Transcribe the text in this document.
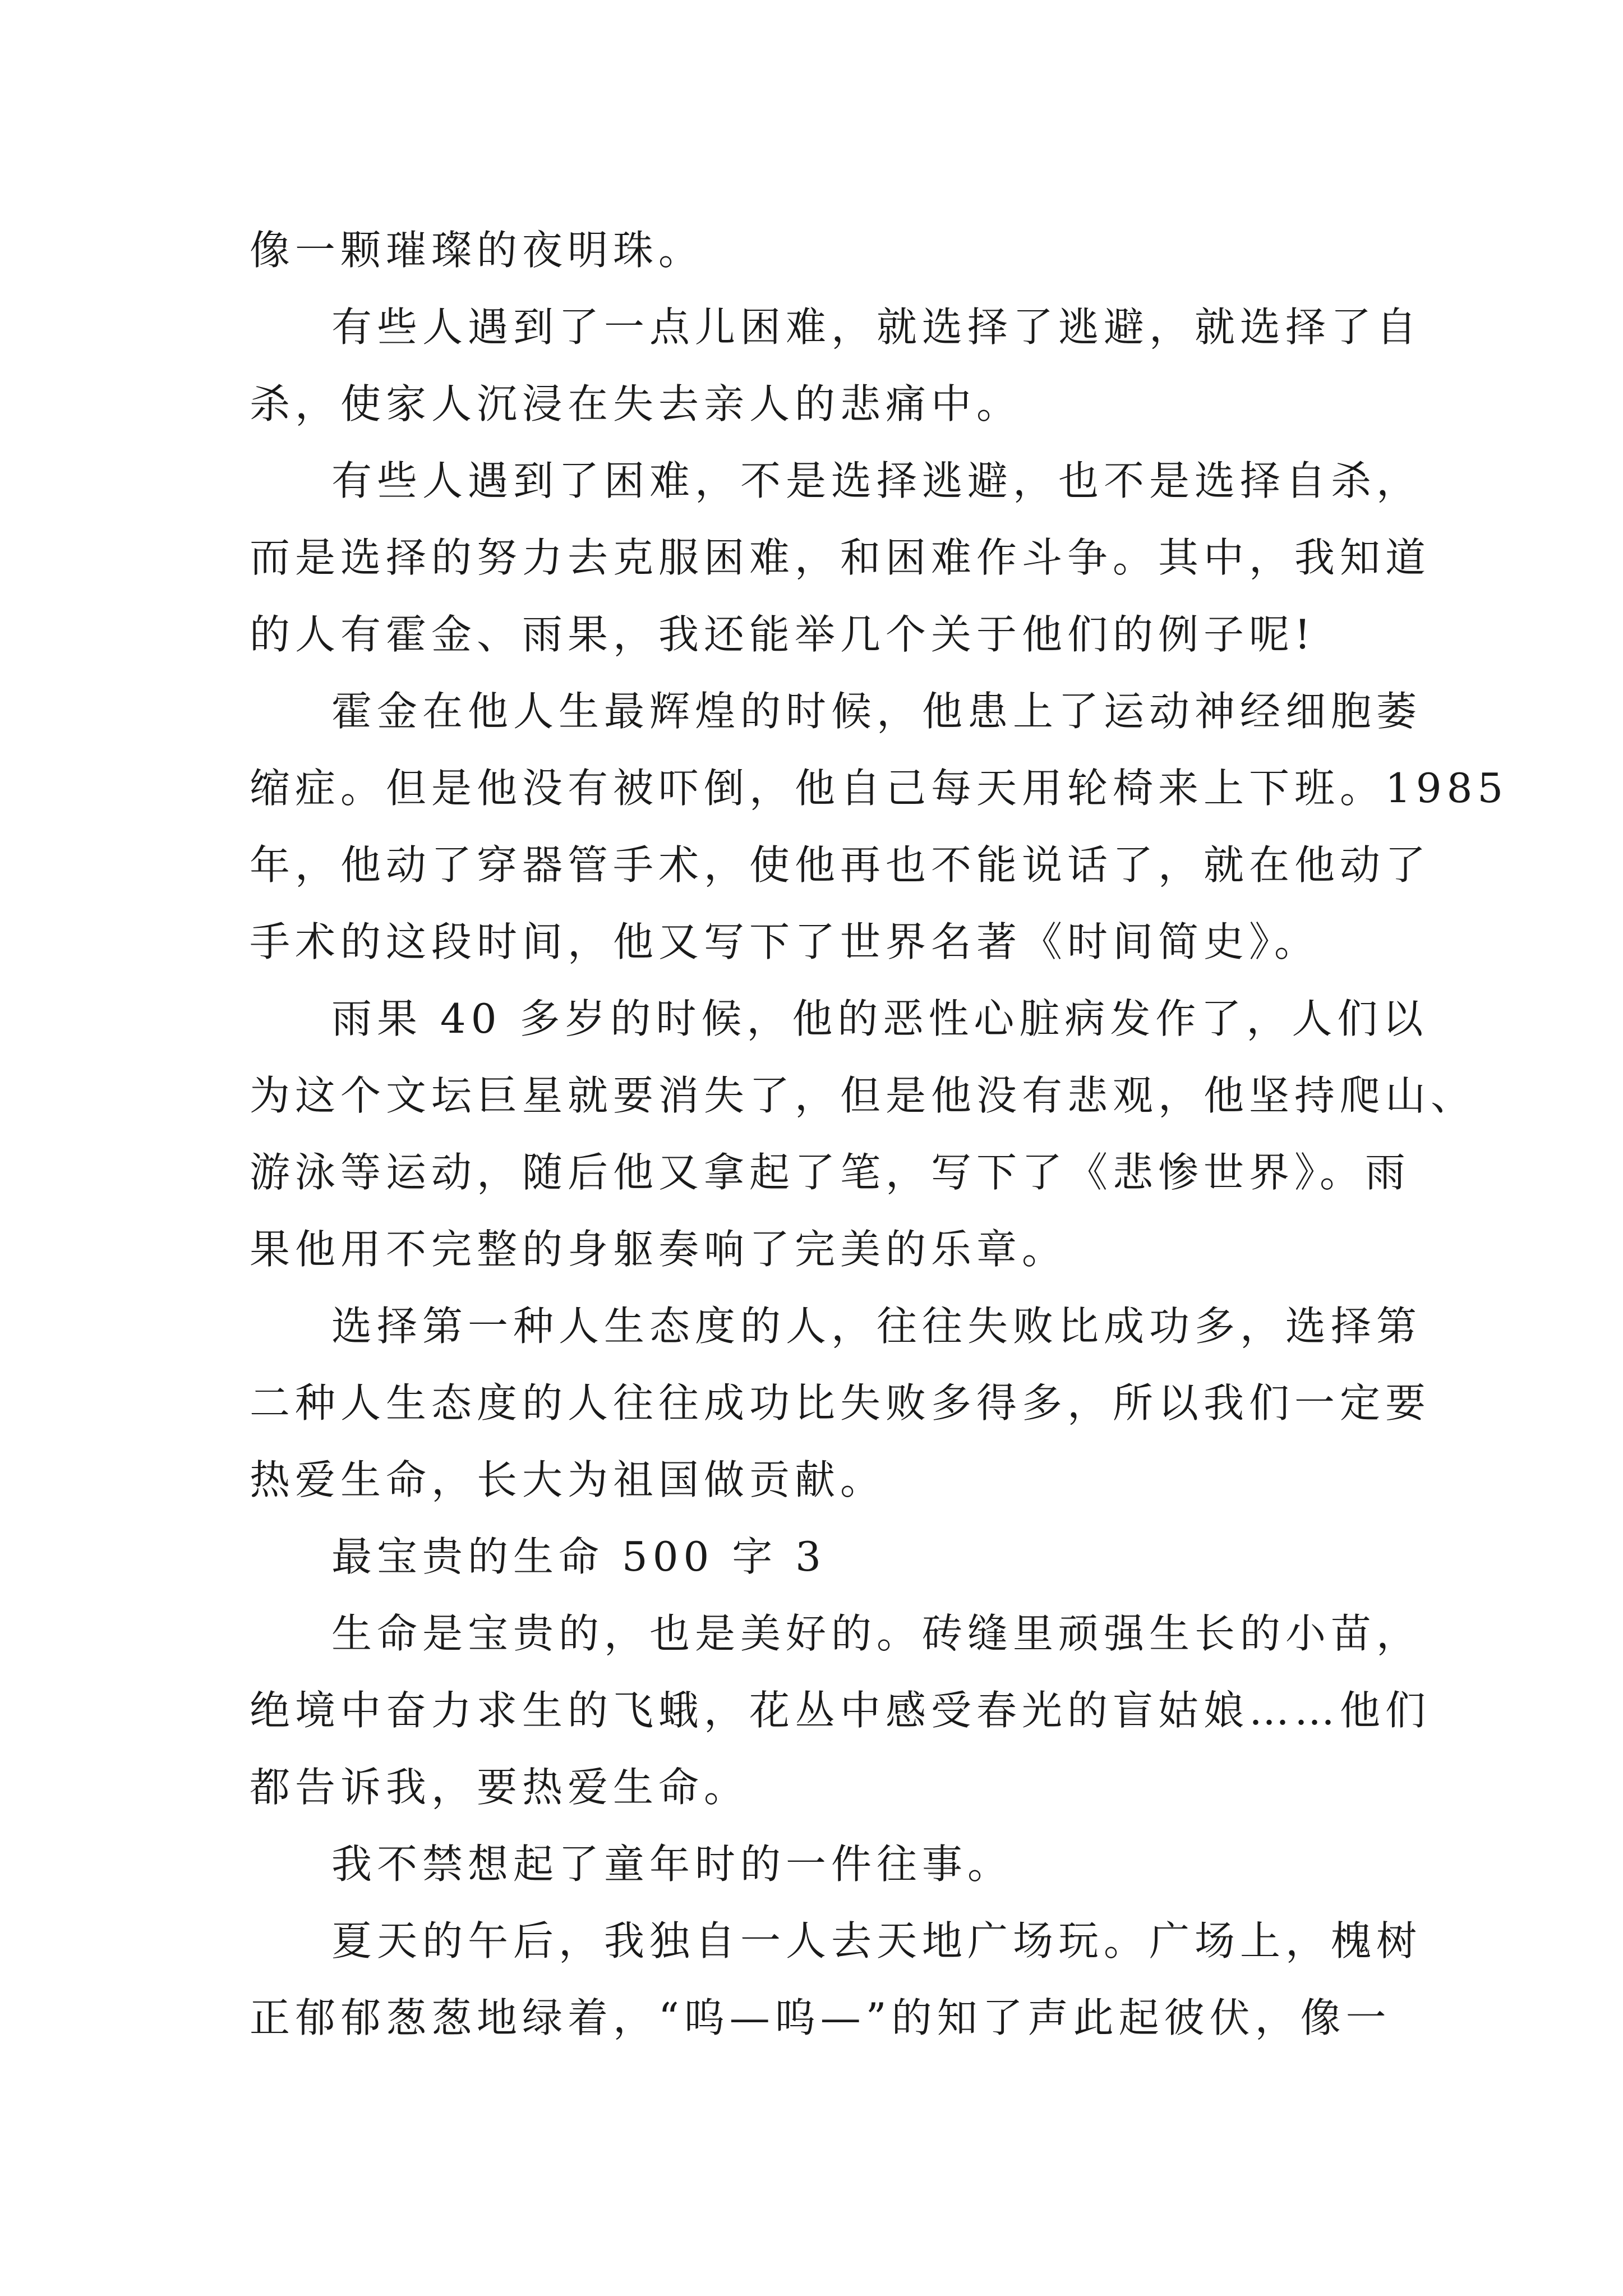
像一颗璀璨的夜明珠。
有些人遇到了一点儿困难，就选择了逃避，就选择了自
杀，使家人沉浸在失去亲人的悲痛中。
有些人遇到了困难，不是选择逃避，也不是选择自杀，
而是选择的努力去克服困难，和困难作斗争。其中，我知道
的人有霍金、雨果，我还能举几个关于他们的例子呢!
霍金在他人生最辉煌的时候，他患上了运动神经细胞萎
缩症。但是他没有被吓倒，他自己每天用轮椅来上下班。1985
年，他动了穿器管手术，使他再也不能说话了，就在他动了
手术的这段时间，他又写下了世界名著《时间简史》。
雨果 40 多岁的时候，他的恶性心脏病发作了，人们以
为这个文坛巨星就要消失了，但是他没有悲观，他坚持爬山、
游泳等运动，随后他又拿起了笔，写下了《悲惨世界》。雨
果他用不完整的身躯奏响了完美的乐章。
选择第一种人生态度的人，往往失败比成功多，选择第
二种人生态度的人往往成功比失败多得多，所以我们一定要
热爱生命，长大为祖国做贡献。
最宝贵的生命 500 字 3
生命是宝贵的，也是美好的。砖缝里顽强生长的小苗，
绝境中奋力求生的飞蛾，花丛中感受春光的盲姑娘……他们
都告诉我，要热爱生命。
我不禁想起了童年时的一件往事。
夏天的午后，我独自一人去天地广场玩。广场上，槐树
正郁郁葱葱地绿着，“呜—呜—”的知了声此起彼伏，像一
